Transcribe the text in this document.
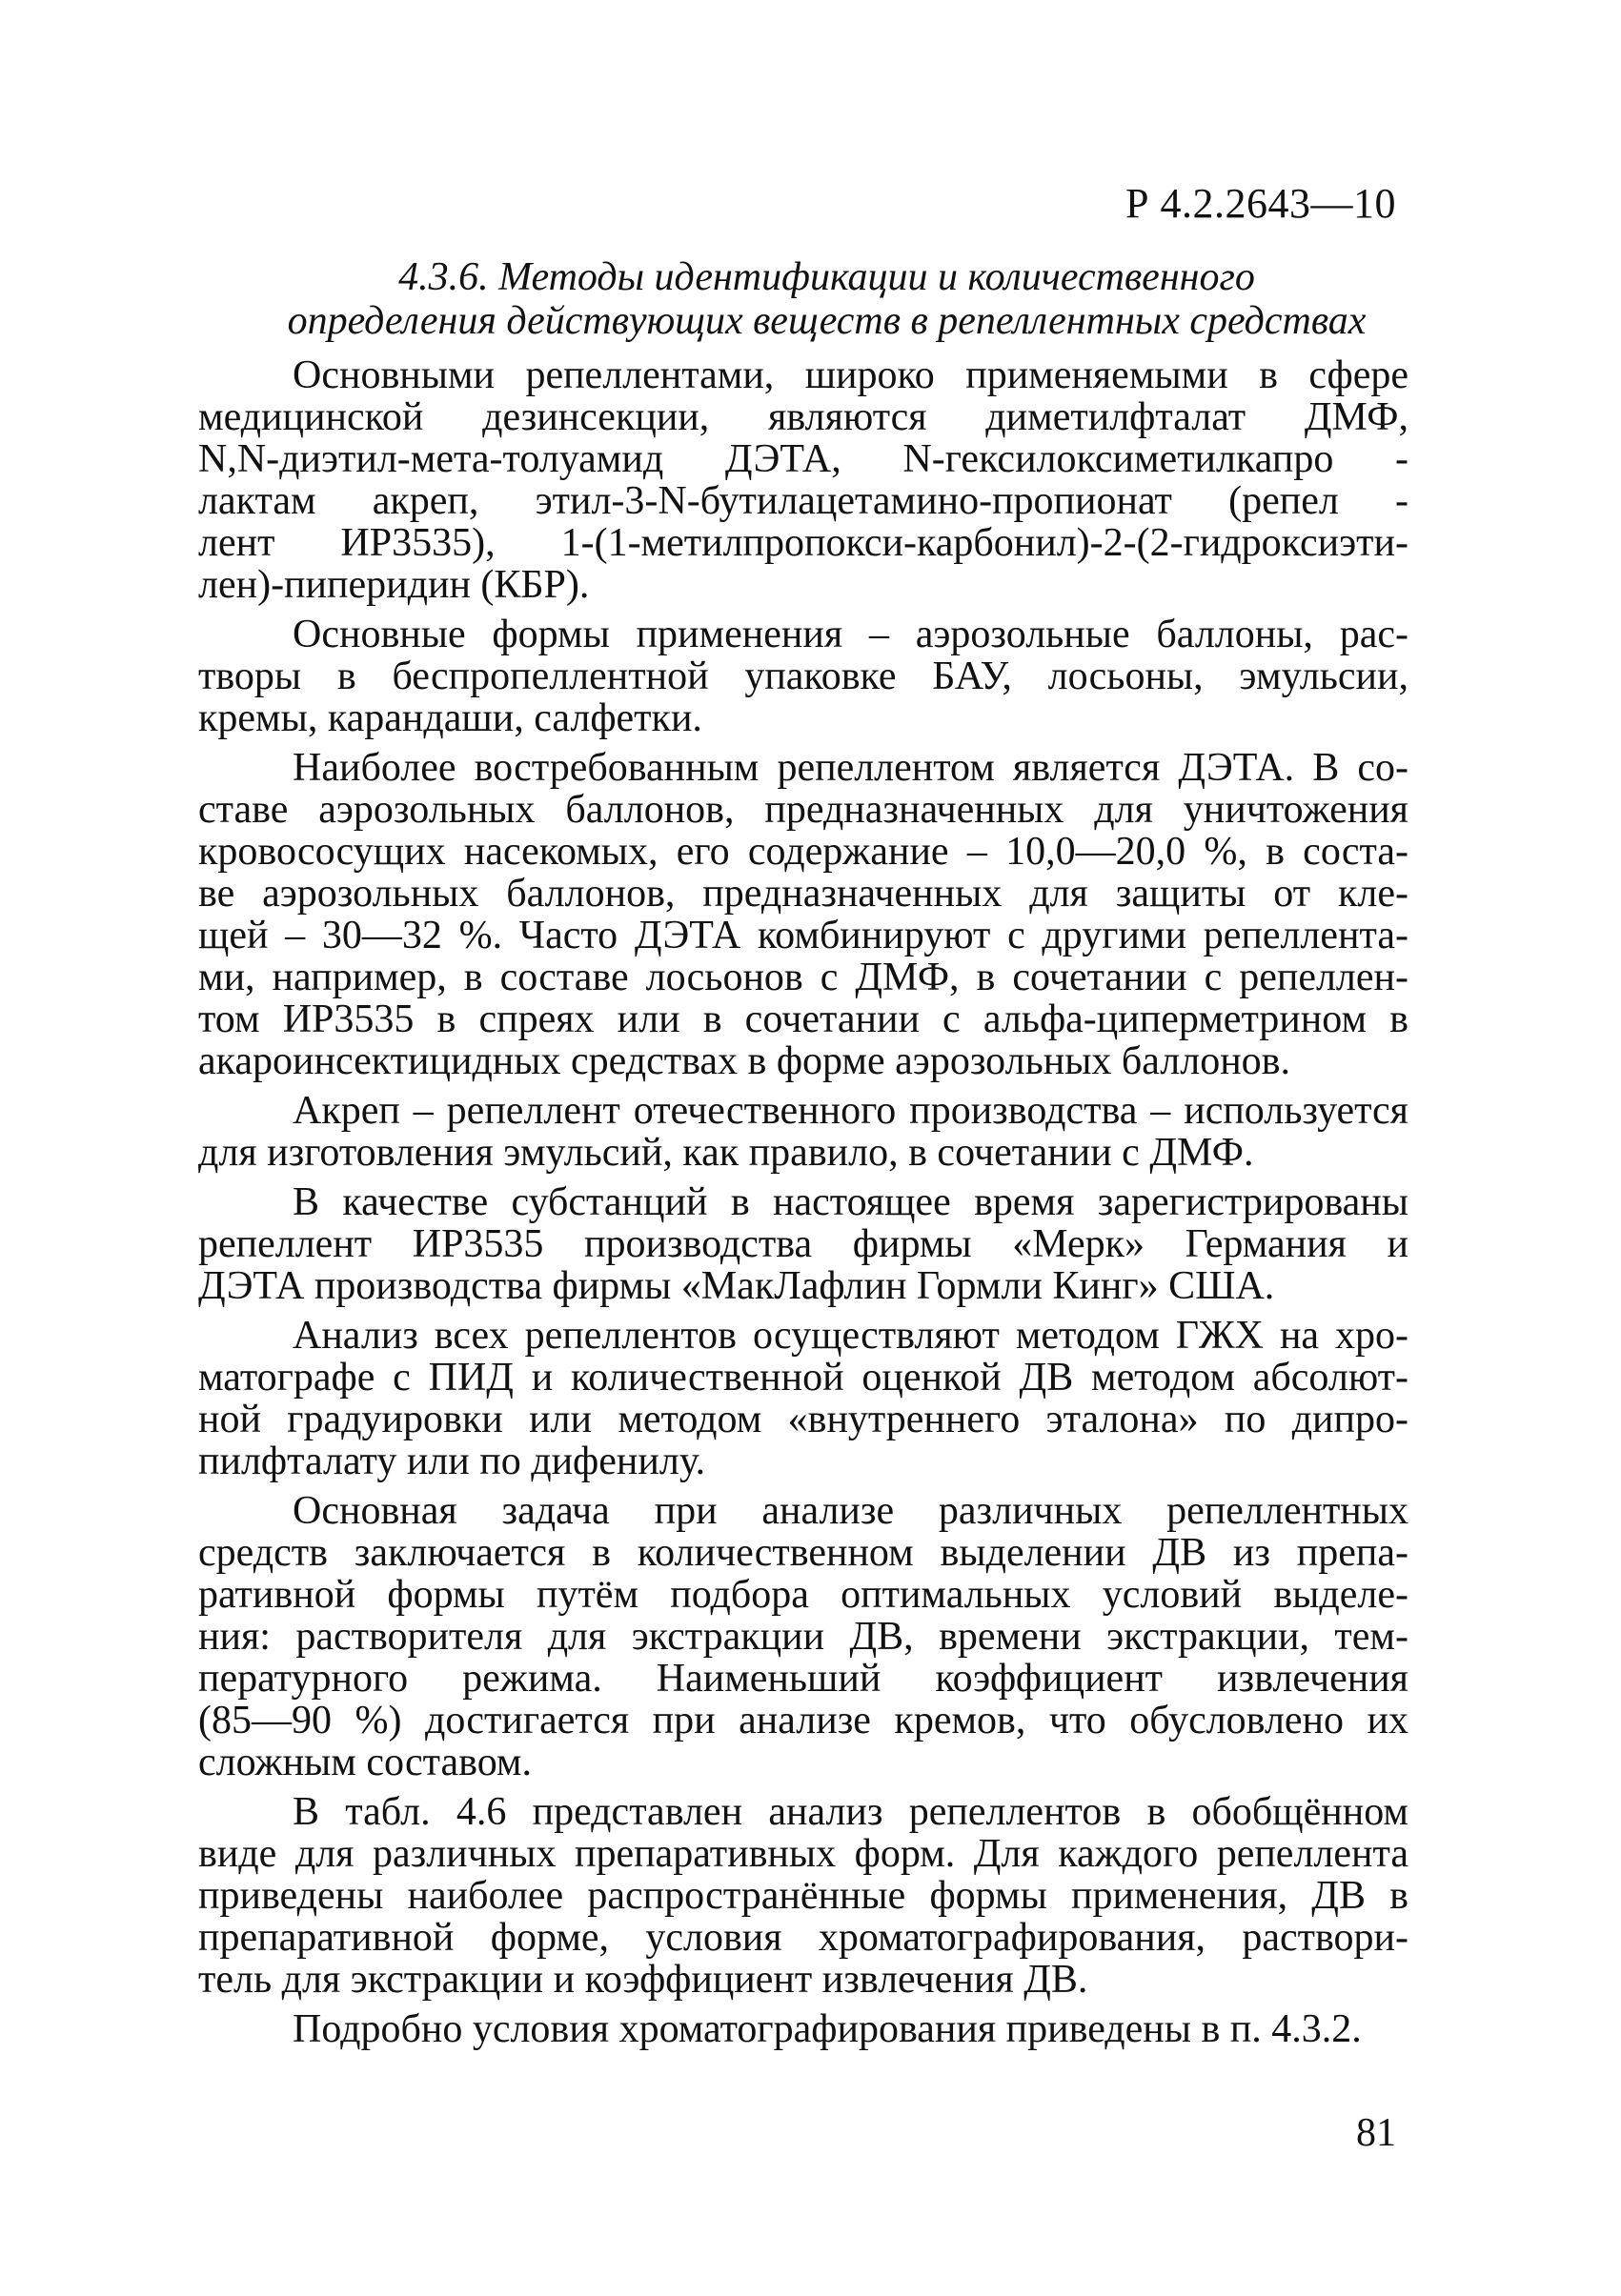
Р 4.2.2643—10
4.3.6. Методы идентификации и количественного
определения действующих веществ в репеллентных средствах
Основными репеллентами, широко применяемыми в сфере
медицинской дезинсекции, являются диметилфталат ДМФ,
N,N-диэтил-мета-толуамид ДЭТА, N-гексилоксиметилкапро -
лактам акреп, этил-3-N-бутилацетамино-пропионат (репел -
лент ИР3535), 1-(1-метилпропокси-карбонил)-2-(2-гидроксиэти-
лен)-пиперидин (КБР).
Основные формы применения – аэрозольные баллоны, рас-
творы в беспропеллентной упаковке БАУ, лосьоны, эмульсии,
кремы, карандаши, салфетки.
Наиболее востребованным репеллентом является ДЭТА. В со-
ставе аэрозольных баллонов, предназначенных для уничтожения
кровососущих насекомых, его содержание – 10,0—20,0 %, в соста-
ве аэрозольных баллонов, предназначенных для защиты от кле-
щей – 30—32 %. Часто ДЭТА комбинируют с другими репеллента-
ми, например, в составе лосьонов с ДМФ, в сочетании с репеллен-
том ИР3535 в спреях или в сочетании с альфа-циперметрином в
акароинсектицидных средствах в форме аэрозольных баллонов.
Акреп – репеллент отечественного производства – используется
для изготовления эмульсий, как правило, в сочетании с ДМФ.
В качестве субстанций в настоящее время зарегистрированы
репеллент ИР3535 производства фирмы «Мерк» Германия и
ДЭТА производства фирмы «МакЛафлин Гормли Кинг» США.
Анализ всех репеллентов осуществляют методом ГЖХ на хро-
матографе с ПИД и количественной оценкой ДВ методом абсолют-
ной градуировки или методом «внутреннего эталона» по дипро-
пилфталату или по дифенилу.
Основная задача при анализе различных репеллентных
средств заключается в количественном выделении ДВ из препа-
ративной формы путём подбора оптимальных условий выделе-
ния: растворителя для экстракции ДВ, времени экстракции, тем-
пературного режима. Наименьший коэффициент извлечения
(85—90 %) достигается при анализе кремов, что обусловлено их
сложным составом.
В табл. 4.6 представлен анализ репеллентов в обобщённом
виде для различных препаративных форм. Для каждого репеллента
приведены наиболее распространённые формы применения, ДВ в
препаративной форме, условия хроматографирования, раствори-
тель для экстракции и коэффициент извлечения ДВ.
Подробно условия хроматографирования приведены в п. 4.3.2.
81
